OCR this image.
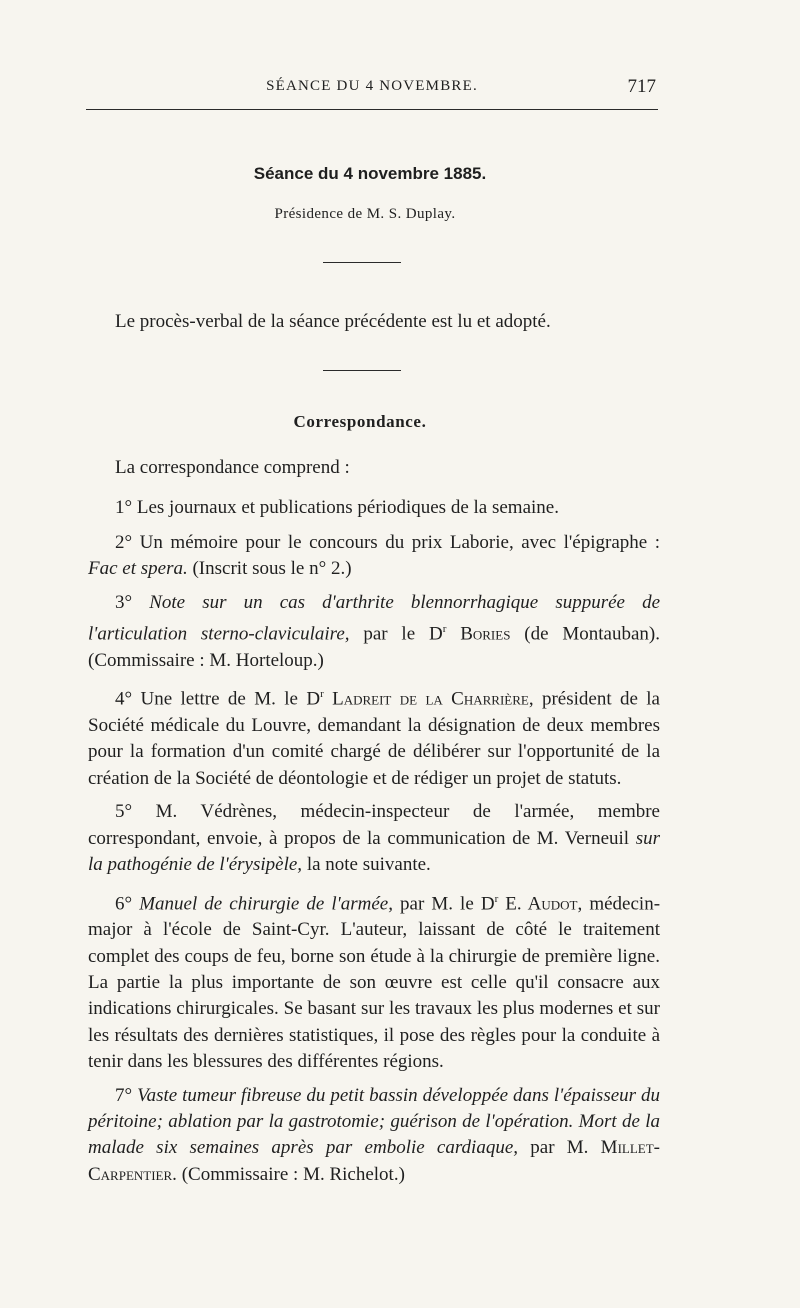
SÉANCE DU 4 NOVEMBRE.	717
Séance du 4 novembre 1885.
Présidence de M. S. Duplay.
Le procès-verbal de la séance précédente est lu et adopté.
Correspondance.

La correspondance comprend :

1° Les journaux et publications périodiques de la semaine.

2° Un mémoire pour le concours du prix Laborie, avec l'épigraphe : Fac et spera. (Inscrit sous le n° 2.)

3° Note sur un cas d'arthrite blennorrhagique suppurée de l'articulation sterno-claviculaire, par le $D^r$ Bories (de Montauban). (Commissaire : M. Horteloup.)

4° Une lettre de M. le $D^r$ Ladreit de la Charrière, président de la Société médicale du Louvre, demandant la désignation de deux membres pour la formation d'un comité chargé de délibérer sur l'opportunité de la création de la Société de déontologie et de rédiger un projet de statuts.

5° M. Védrènes, médecin-inspecteur de l'armée, membre correspondant, envoie, à propos de la communication de M. Verneuil sur la pathogénie de l'érysipèle, la note suivante.

6° Manuel de chirurgie de l'armée, par M. le $D^r$ E. Audot, médecin-major à l'école de Saint-Cyr. L'auteur, laissant de côté le traitement complet des coups de feu, borne son étude à la chirurgie de première ligne. La partie la plus importante de son œuvre est celle qu'il consacre aux indications chirurgicales. Se basant sur les travaux les plus modernes et sur les résultats des dernières statistiques, il pose des règles pour la conduite à tenir dans les blessures des différentes régions.

7° Vaste tumeur fibreuse du petit bassin développée dans l'épaisseur du péritoine; ablation par la gastrotomie; guérison de l'opération. Mort de la malade six semaines après par embolie cardiaque, par M. Millet-Carpentier. (Commissaire : M. Richelot.)
